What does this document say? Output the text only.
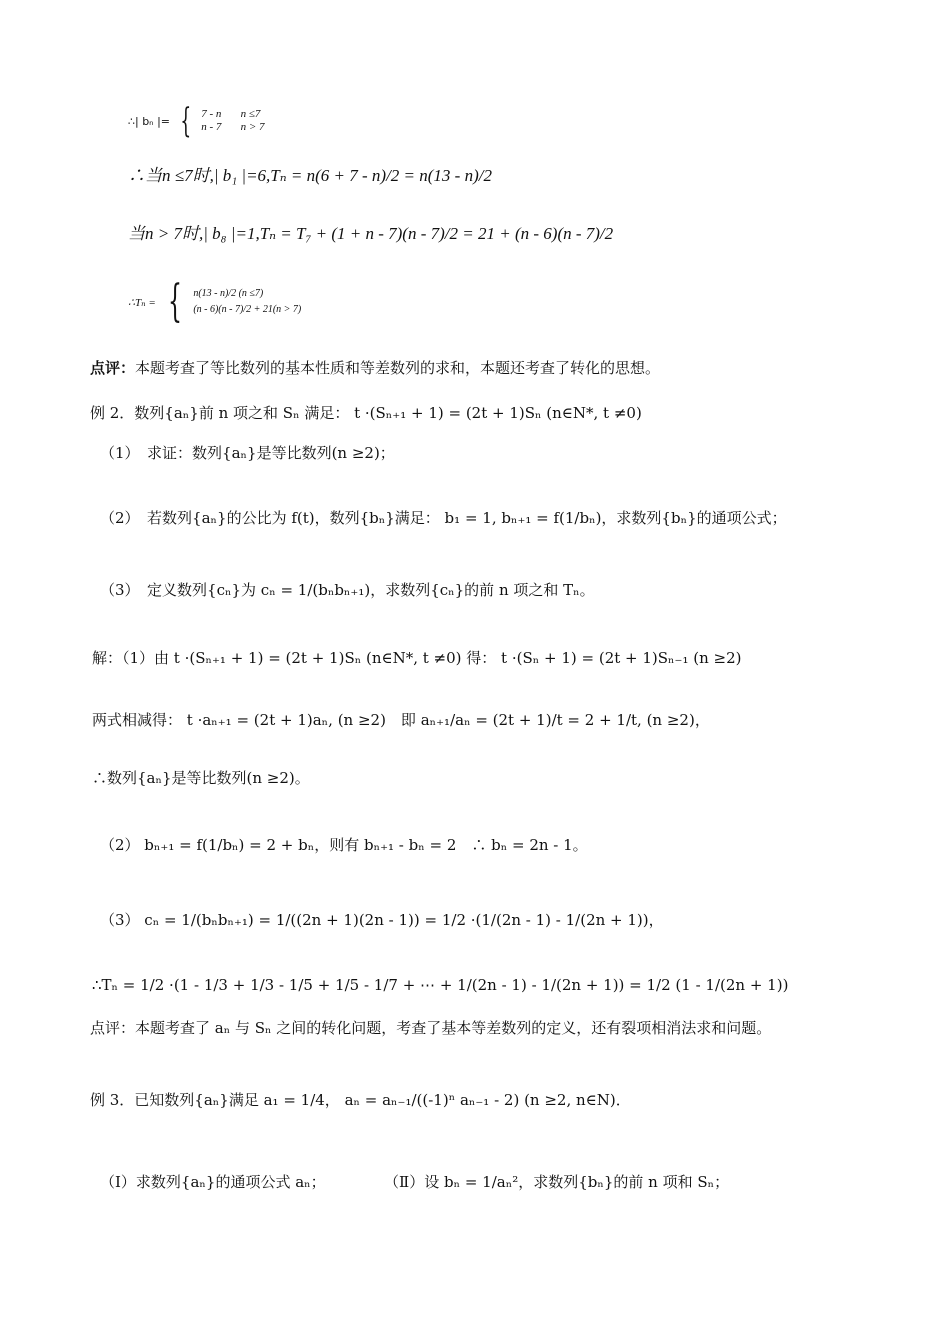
∴| bₙ |= { 7 - n n ≤7
n - 7 n > 7
∴当n ≤7时,| b₁ |=6,Tₙ = n(6 + 7 - n)/2 = n(13 - n)/2
当n > 7时,| b₈ |=1,Tₙ = T₇ + (1 + n - 7)(n - 7)/2 = 21 + (n - 6)(n - 7)/2
∴Tₙ = { n(13 - n)/2 (n ≤7)
(n - 6)(n - 7)/2 + 21(n > 7)
点评：本题考查了等比数列的基本性质和等差数列的求和，本题还考查了转化的思想。
例 2．数列{aₙ}前 n 项之和 Sₙ 满足： t ·(Sₙ₊₁ + 1) = (2t + 1)Sₙ (n∈N*, t ≠0)
（1）　求证：数列{aₙ}是等比数列(n ≥2)；
（2）　若数列{aₙ}的公比为 f(t)，数列{bₙ}满足： b₁ = 1, bₙ₊₁ = f(1/bₙ)，求数列{bₙ}的通项公式；
（3）　定义数列{cₙ}为 cₙ = 1/(bₙbₙ₊₁)，求数列{cₙ}的前 n 项之和 Tₙ。
解：（1）由 t ·(Sₙ₊₁ + 1) = (2t + 1)Sₙ (n∈N*, t ≠0) 得： t ·(Sₙ + 1) = (2t + 1)Sₙ₋₁ (n ≥2)
两式相减得： t ·aₙ₊₁ = (2t + 1)aₙ, (n ≥2)　即 aₙ₊₁/aₙ = (2t + 1)/t = 2 + 1/t, (n ≥2)，
∴数列{aₙ}是等比数列(n ≥2)。
（2） bₙ₊₁ = f(1/bₙ) = 2 + bₙ，则有 bₙ₊₁ - bₙ = 2　∴ bₙ = 2n - 1。
（3） cₙ = 1/(bₙbₙ₊₁) = 1/((2n + 1)(2n - 1)) = 1/2 ·(1/(2n - 1) - 1/(2n + 1))，
∴Tₙ = 1/2 ·(1 - 1/3 + 1/3 - 1/5 + 1/5 - 1/7 + ⋯ + 1/(2n - 1) - 1/(2n + 1)) = 1/2 (1 - 1/(2n + 1))
点评：本题考查了 aₙ 与 Sₙ 之间的转化问题，考查了基本等差数列的定义，还有裂项相消法求和问题。
例 3．已知数列{aₙ}满足 a₁ = 1/4， aₙ = aₙ₋₁/((-1)ⁿ aₙ₋₁ - 2) (n ≥2, n∈N)．
（Ⅰ）求数列{aₙ}的通项公式 aₙ；	（Ⅱ）设 bₙ = 1/aₙ²，求数列{bₙ}的前 n 项和 Sₙ；
